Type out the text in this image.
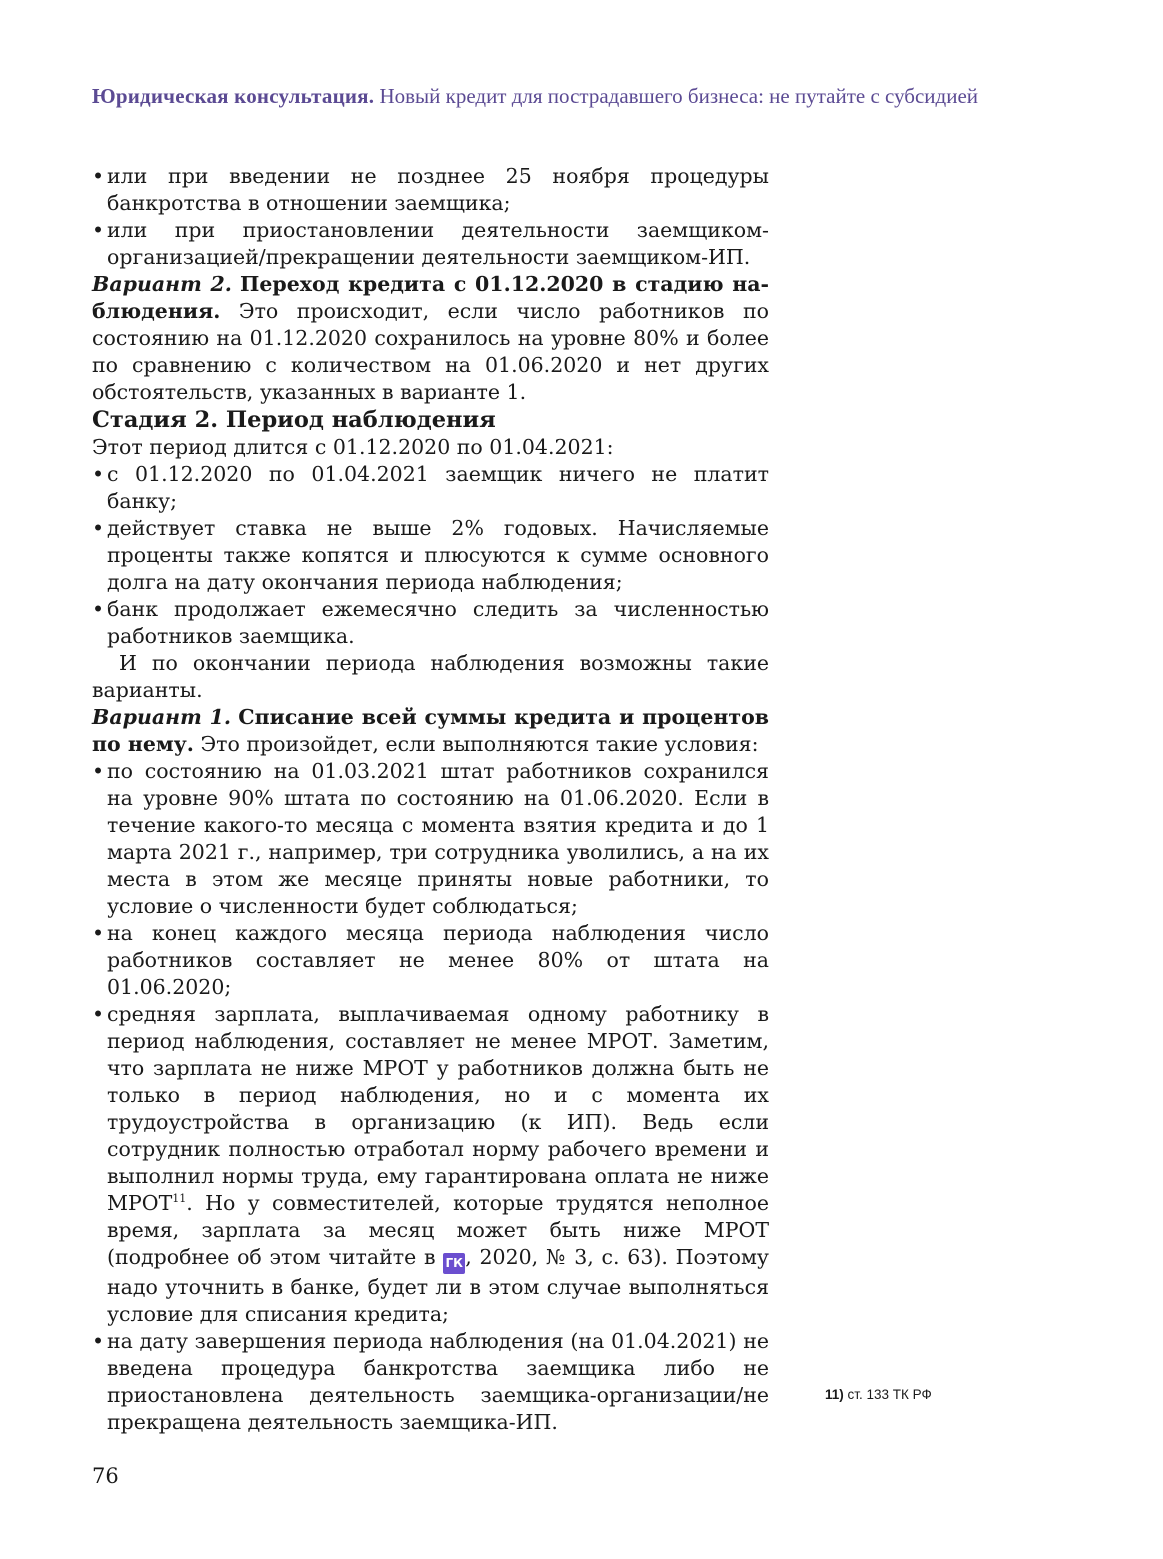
Юридическая консультация. Новый кредит для пострадавшего бизнеса: не путайте с субсидией
• или при введении не позднее 25 ноября процедуры банкротства в отношении заемщика;
• или при приостановлении деятельности заемщиком-организацией/прекращении деятельности заемщиком-ИП.

Вариант 2. Переход кредита с 01.12.2020 в стадию наблюдения. Это происходит, если число работников по состоянию на 01.12.2020 сохранилось на уровне 80% и более по сравнению с количеством на 01.06.2020 и нет других обстоятельств, указанных в варианте 1.

Стадия 2. Период наблюдения

Этот период длится с 01.12.2020 по 01.04.2021:

• с 01.12.2020 по 01.04.2021 заемщик ничего не платит банку;
• действует ставка не выше 2% годовых. Начисляемые проценты также копятся и плюсуются к сумме основного долга на дату окончания периода наблюдения;
• банк продолжает ежемесячно следить за численностью работников заемщика.

И по окончании периода наблюдения возможны такие варианты.

Вариант 1. Списание всей суммы кредита и процентов по нему. Это произойдет, если выполняются такие условия:

• по состоянию на 01.03.2021 штат работников сохранился на уровне 90% штата по состоянию на 01.06.2020. Если в течение какого-то месяца с момента взятия кредита и до 1 марта 2021 г., например, три сотрудника уволились, а на их места в этом же месяце приняты новые работники, то условие о численности будет соблюдаться;
• на конец каждого месяца периода наблюдения число работников составляет не менее 80% от штата на 01.06.2020;
• средняя зарплата, выплачиваемая одному работнику в период наблюдения, составляет не менее МРОТ. Заметим, что зарплата не ниже МРОТ у работников должна быть не только в период наблюдения, но и с момента их трудоустройства в организацию (к ИП). Ведь если сотрудник полностью отработал норму рабочего времени и выполнил нормы труда, ему гарантирована оплата не ниже МРОТ$^{11}$. Но у совместителей, которые трудятся неполное время, зарплата за месяц может быть ниже МРОТ (подробнее об этом читайте в ГК , 2020, № 3, с. 63). Поэтому надо уточнить в банке, будет ли в этом случае выполняться условие для списания кредита;
• на дату завершения периода наблюдения (на 01.04.2021) не введена процедура банкротства заемщика либо не приостановлена деятельность заемщика-организации/не прекращена деятельность заемщика-ИП.
11) ст. 133 ТК РФ
76
